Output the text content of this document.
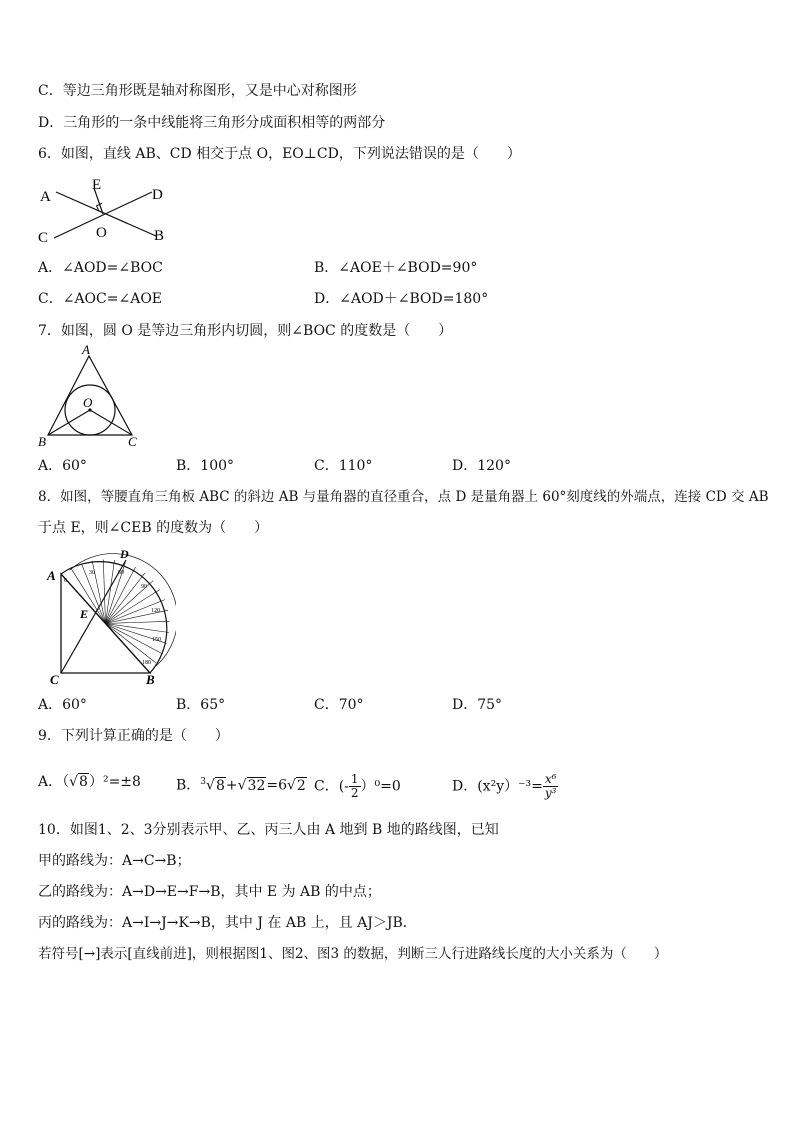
C．等边三角形既是轴对称图形，又是中心对称图形
D．三角形的一条中线能将三角形分成面积相等的两部分
6．如图，直线 AB、CD 相交于点 O，EO⊥CD，下列说法错误的是（　　）
A
E
D
C	O	B
A．∠AOD=∠BOC	B．∠AOE＋∠BOD=90°
C．∠AOC=∠AOE	D．∠AOD＋∠BOD=180°
7．如图，圆 O 是等边三角形内切圆，则∠BOC 的度数是（　　）
A
O
B	C
A．60°	B．100°	C．110°	D．120°
8．如图，等腰直角三角板 ABC 的斜边 AB 与量角器的直径重合，点 D 是量角器上 60°刻度线的外端点，连接 CD 交 AB
于点 E，则∠CEB 的度数为（　　）
A
D
E
C	B
0
30	60
90
120
150
180
A．60°	B．65°	C．70°	D．75°
9．下列计算正确的是（　　）
A．（√8）²=±8	B．$^3$√8+√32=6√2 C．(- $\frac{1}{2} )^0=0$	D．$(x^2y)^{-3}= \frac{\text{x⁶}}{\text{y³}}$
10．如图1、2、3分别表示甲、乙、丙三人由 A 地到 B 地的路线图，已知
甲的路线为：A→C→B；
乙的路线为：A→D→E→F→B，其中 E 为 AB 的中点；
丙的路线为：A→I→J→K→B，其中 J 在 AB 上，且 AJ＞JB．
若符号[→]表示[直线前进]，则根据图1、图2、图3 的数据，判断三人行进路线长度的大小关系为（　　）
